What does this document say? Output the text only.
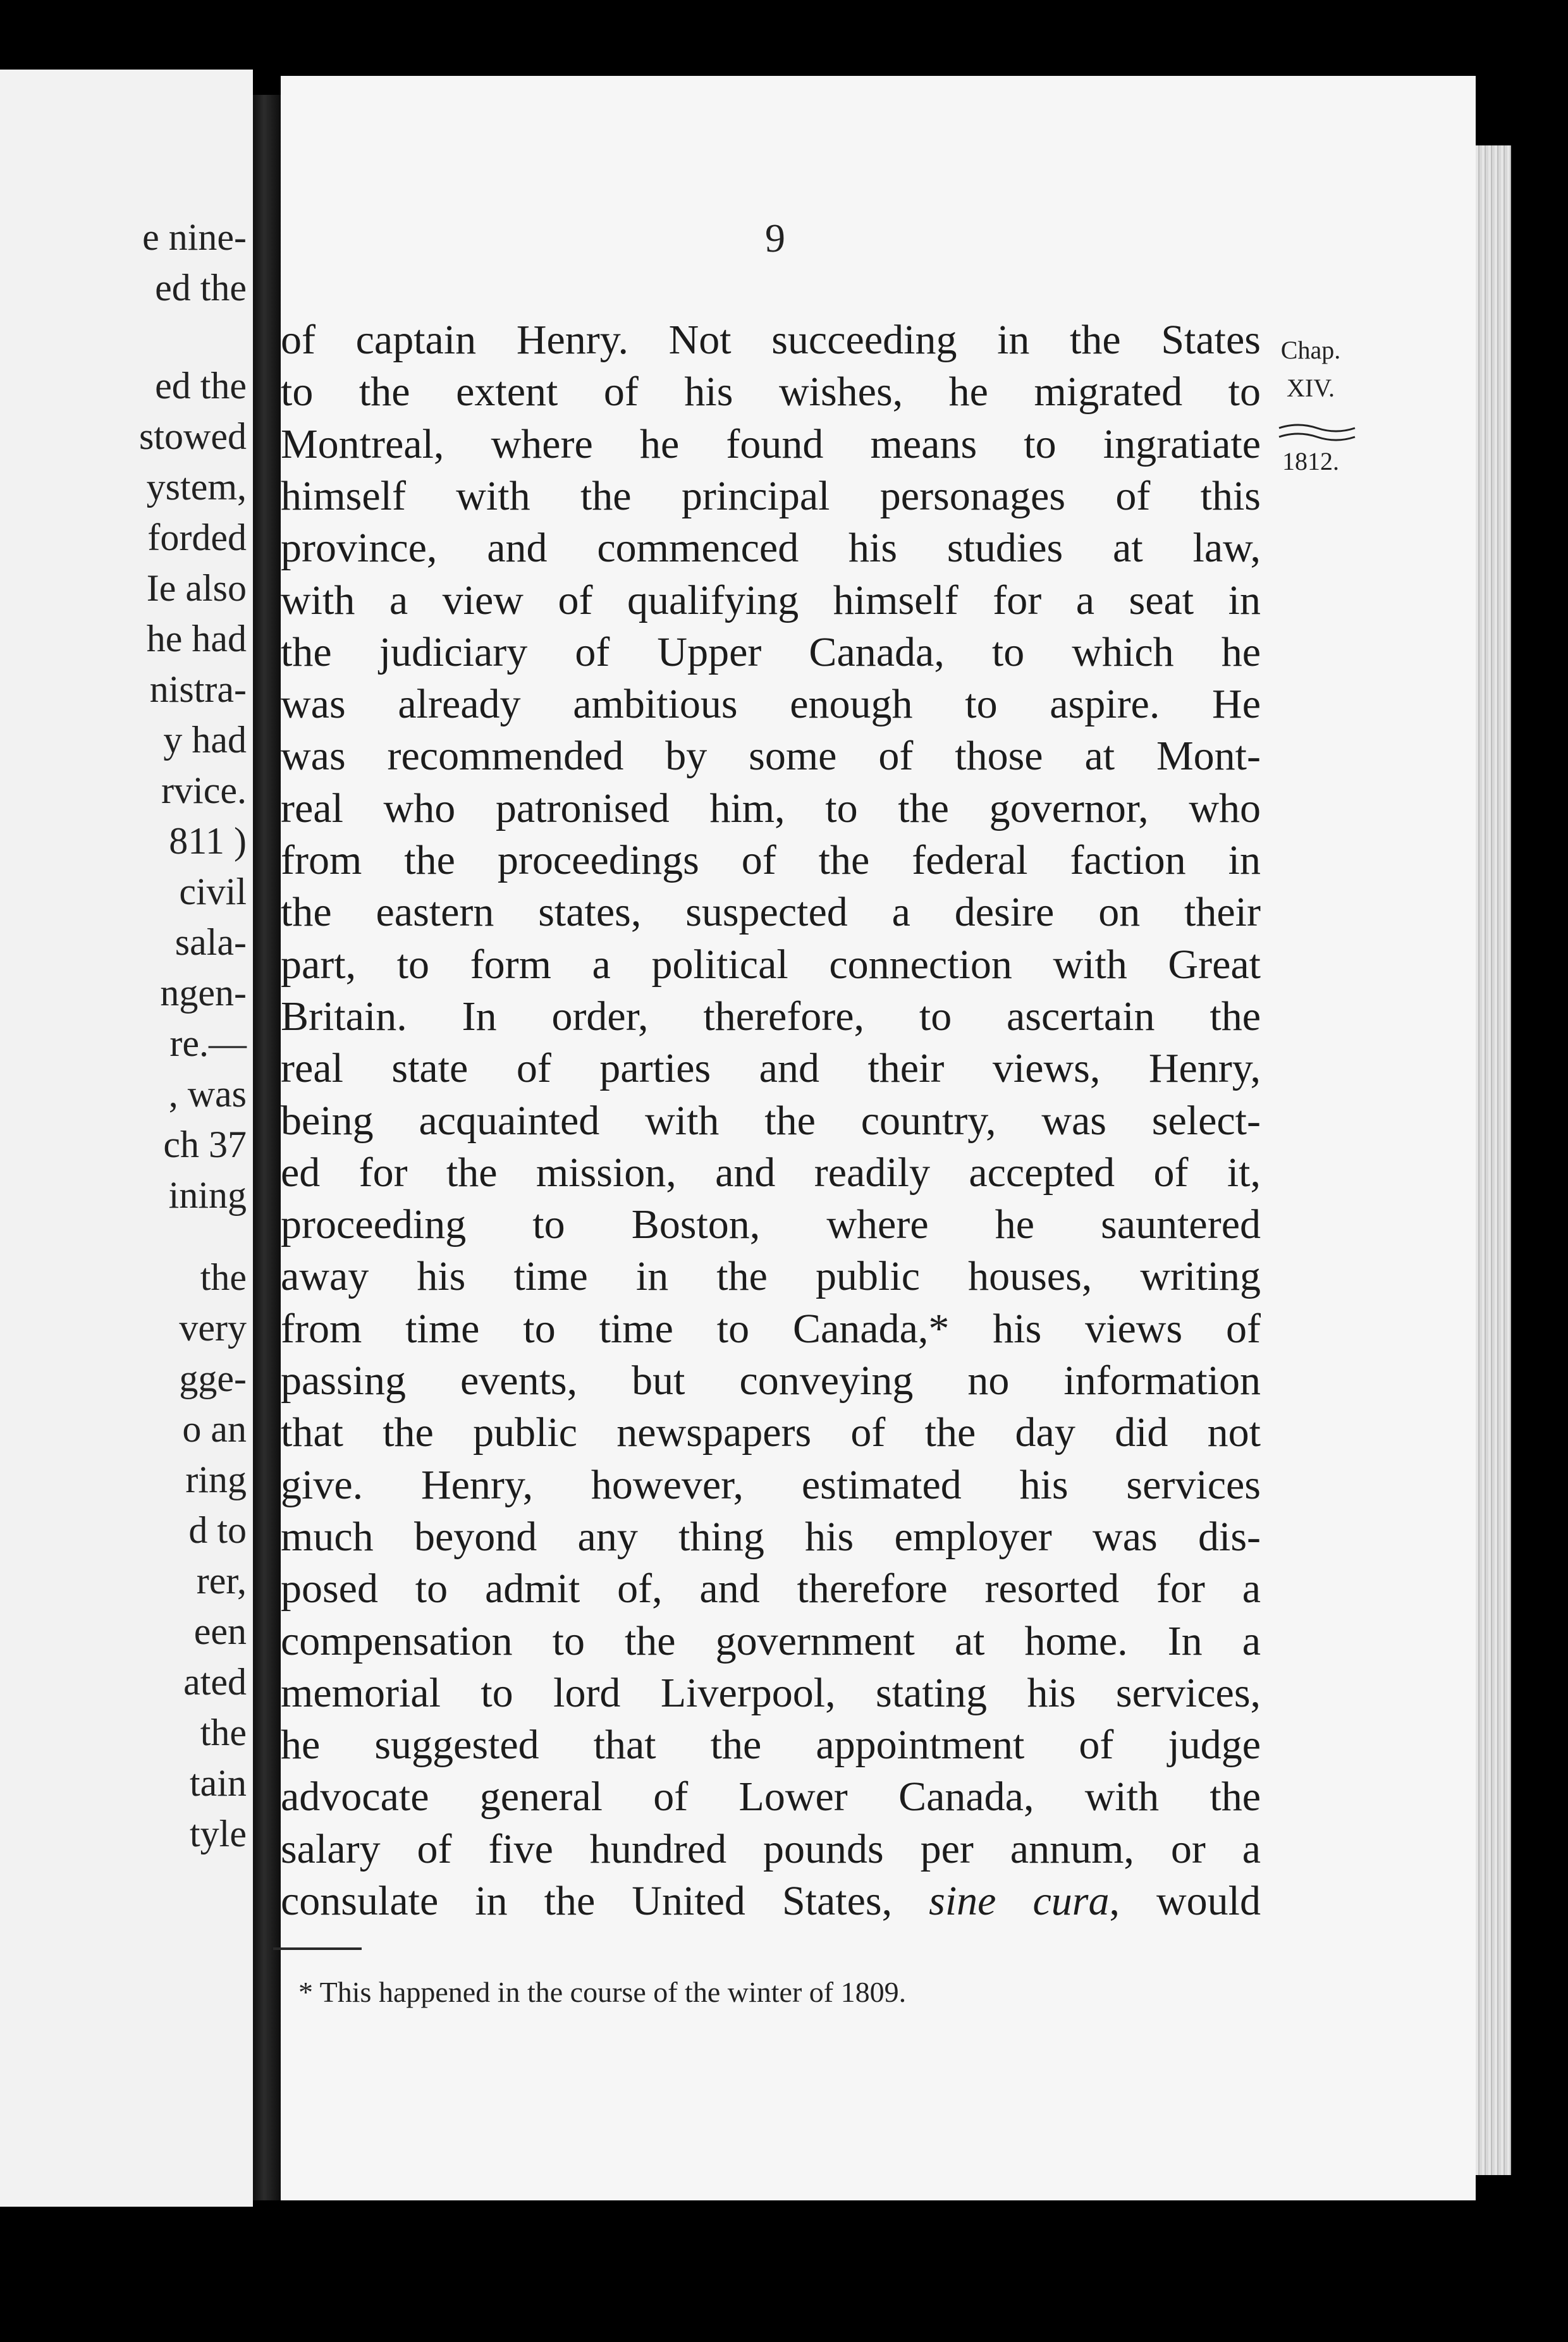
e nine-
ed the
ed the
stowed
ystem,
forded
Ie also
he had
nistra-
y had
rvice.
811 )
civil
sala-
ngen-
re.—
, was
ch 37
ining
the
very
gge-
o an
ring
d to
rer,
een
ated
the
tain
tyle
9
Chap.
XIV.
1812.
of captain Henry. Not succeeding in the States
to the extent of his wishes, he migrated to
Montreal, where he found means to ingratiate
himself with the principal personages of this
province, and commenced his studies at law,
with a view of qualifying himself for a seat in
the judiciary of Upper Canada, to which he
was already ambitious enough to aspire. He
was recommended by some of those at Mont-
real who patronised him, to the governor, who
from the proceedings of the federal faction in
the eastern states, suspected a desire on their
part, to form a political connection with Great
Britain. In order, therefore, to ascertain the
real state of parties and their views, Henry,
being acquainted with the country, was select-
ed for the mission, and readily accepted of it,
proceeding to Boston, where he sauntered
away his time in the public houses, writing
from time to time to Canada,* his views of
passing events, but conveying no information
that the public newspapers of the day did not
give. Henry, however, estimated his services
much beyond any thing his employer was dis-
posed to admit of, and therefore resorted for a
compensation to the government at home. In a
memorial to lord Liverpool, stating his services,
he suggested that the appointment of judge
advocate general of Lower Canada, with the
salary of five hundred pounds per annum, or a
consulate in the United States, sine cura, would
* This happened in the course of the winter of 1809.
